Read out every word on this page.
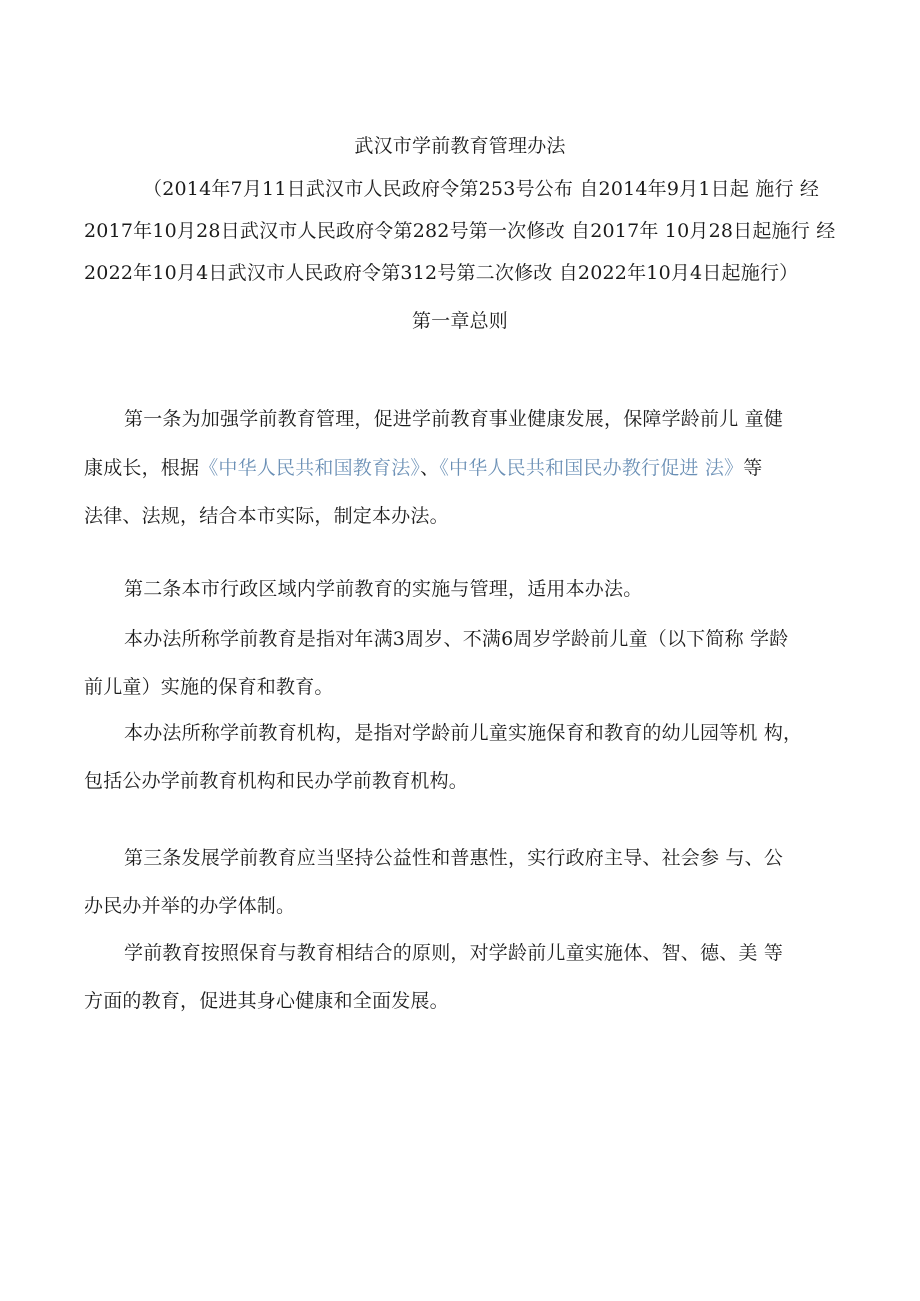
武汉市学前教育管理办法
（2014年7月11日武汉市人民政府令第253号公布 自2014年9月1日起 施行 经
2017年10月28日武汉市人民政府令第282号第一次修改 自2017年 10月28日起施行 经
2022年10月4日武汉市人民政府令第312号第二次修改 自2022年10月4日起施行）
第一章总则
第一条为加强学前教育管理，促进学前教育事业健康发展，保障学龄前儿 童健
康成长，根据《中华人民共和国教育法》、《中华人民共和国民办教行促进 法》等
法律、法规，结合本市实际，制定本办法。
第二条本市行政区域内学前教育的实施与管理，适用本办法。
本办法所称学前教育是指对年满3周岁、不满6周岁学龄前儿童（以下简称 学龄
前儿童）实施的保育和教育。
本办法所称学前教育机构，是指对学龄前儿童实施保育和教育的幼儿园等机 构，
包括公办学前教育机构和民办学前教育机构。
第三条发展学前教育应当坚持公益性和普惠性，实行政府主导、社会参 与、公
办民办并举的办学体制。
学前教育按照保育与教育相结合的原则，对学龄前儿童实施体、智、德、美 等
方面的教育，促进其身心健康和全面发展。
